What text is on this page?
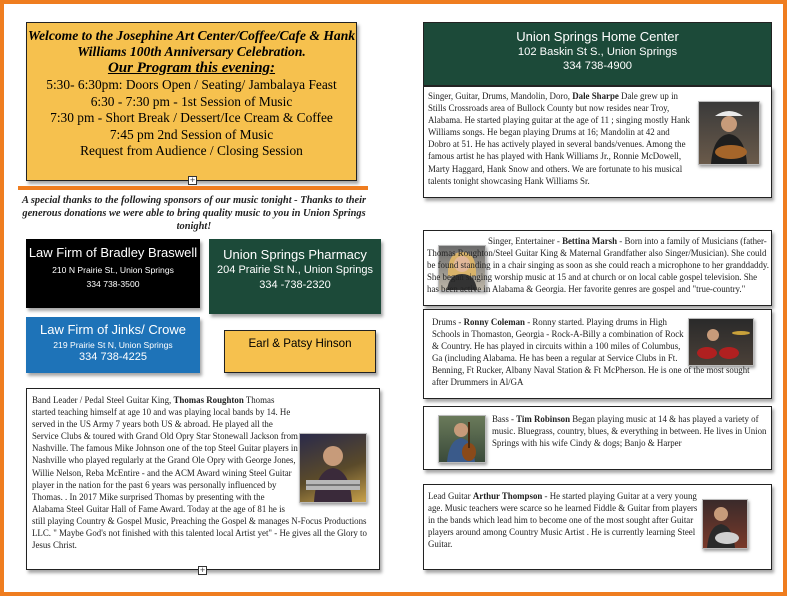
Welcome to the Josephine Art Center/Coffee/Cafe & Hank Williams 100th Anniversary Celebration.
Our Program this evening:
5:30- 6:30pm: Doors Open / Seating/ Jambalaya Feast
6:30 - 7:30 pm - 1st Session of Music
7:30 pm - Short Break / Dessert/Ice Cream & Coffee
7:45 pm 2nd Session of Music
Request from Audience / Closing Session
+
A special thanks to the following sponsors of our music tonight - Thanks to their generous donations we were able to bring quality music to you in Union Springs tonight!
Law Firm of Bradley Braswell
210 N Prairie St., Union Springs
334 738-3500
Union Springs Pharmacy
204 Prairie St N., Union Springs
334 -738-2320
Law Firm of Jinks/ Crowe
219 Prairie St N, Union Springs
334 738-4225
Earl & Patsy Hinson
Band Leader / Pedal Steel Guitar King, Thomas Roughton Thomas started teaching himself at age 10 and was playing local bands by 14. He served in the US Army 7 years both US & abroad. He played all the Service Clubs & toured with Grand Old Opry Star Stonewall Jackson from Nashville. The famous Mike Johnson one of the top Steel Guitar players in Nashville who played regularly at the Grand Ole Opry with George Jones, Willie Nelson, Reba McEntire - and the ACM Award wining Steel Guitar player in the nation for the past 6 years was personally influenced by Thomas. . In 2017 Mike surprised Thomas by presenting with the Alabama Steel Guitar Hall of Fame Award. Today at the age of 81 he is still playing Country & Gospel Music, Preaching the Gospel & manages N-Focus Productions LLC. " Maybe God's not finished with this talented local Artist yet" - He gives all the Glory to Jesus Christ.
+
Union Springs Home Center
102 Baskin St S., Union Springs
334 738-4900
Singer, Guitar, Drums, Mandolin, Doro, Dale Sharpe Dale grew up in Stills Crossroads area of Bullock County but now resides near Troy, Alabama. He started playing guitar at the age of 11 ; singing mostly Hank Williams songs. He began playing Drums at 16; Mandolin at 42 and Dobro at 51. He has actively played in several bands/venues. Among the famous artist he has played with Hank Williams Jr., Ronnie McDowell, Marty Haggard, Hank Snow and others. We are fortunate to his musical talents tonight showcasing Hank Williams Sr.
Singer, Entertainer - Bettina Marsh - Born into a family of Musicians (father-Thomas Roughton/Steel Guitar King & Maternal Grandfather also Singer/Musician). She could be found standing in a chair singing as soon as she could reach a microphone to her granddaddy. She began singing worship music at 15 and at church or on local cable gospel television. She has been active in Alabama & Georgia. Her favorite genres are gospel and "true-country."
Drums - Ronny Coleman - Ronny started. Playing drums in High Schools in Thomaston, Georgia - Rock-A-Billy a combination of Rock & Country. He has played in circuits within a 100 miles of Columbus, Ga (including Alabama. He has been a regular at Service Clubs in Ft. Benning, Ft Rucker, Albany Naval Station & Ft McPherson. He is one of the most sought after Drummers in Al/GA
Bass - Tim Robinson Began playing music at 14 & has played a variety of music. Bluegrass, country, blues, & everything in between. He lives in Union Springs with his wife Cindy & dogs; Banjo & Harper
Lead Guitar Arthur Thompson - He started playing Guitar at a very young age. Music teachers were scarce so he learned Fiddle & Guitar from players in the bands which lead him to become one of the most sought after Guitar players around among Country Music Artist . He is currently learning Steel Guitar.
